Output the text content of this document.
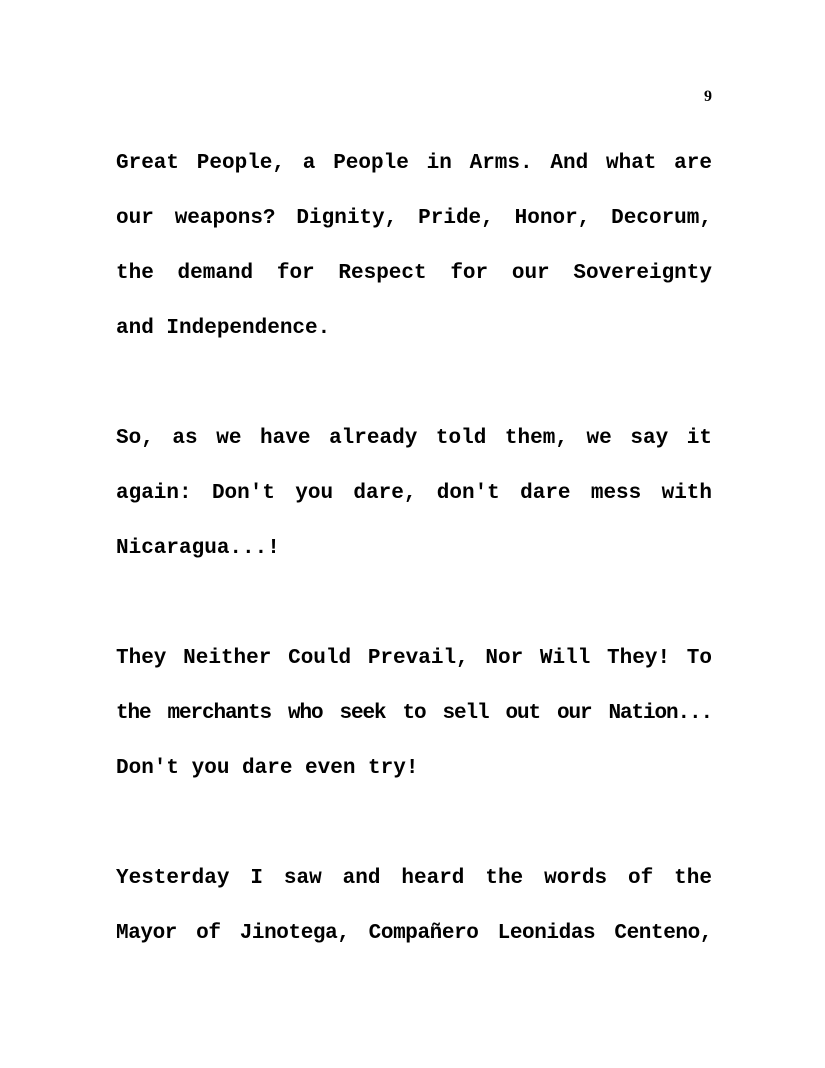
9
Great People, a People in Arms. And what are
our weapons? Dignity, Pride, Honor, Decorum,
the demand for Respect for our Sovereignty
and Independence.
So, as we have already told them, we say it
again: Don't you dare, don't dare mess with
Nicaragua...!
They Neither Could Prevail, Nor Will They! To
the merchants who seek to sell out our Nation...
Don't you dare even try!
Yesterday I saw and heard the words of the
Mayor of Jinotega, Compañero Leonidas Centeno,
